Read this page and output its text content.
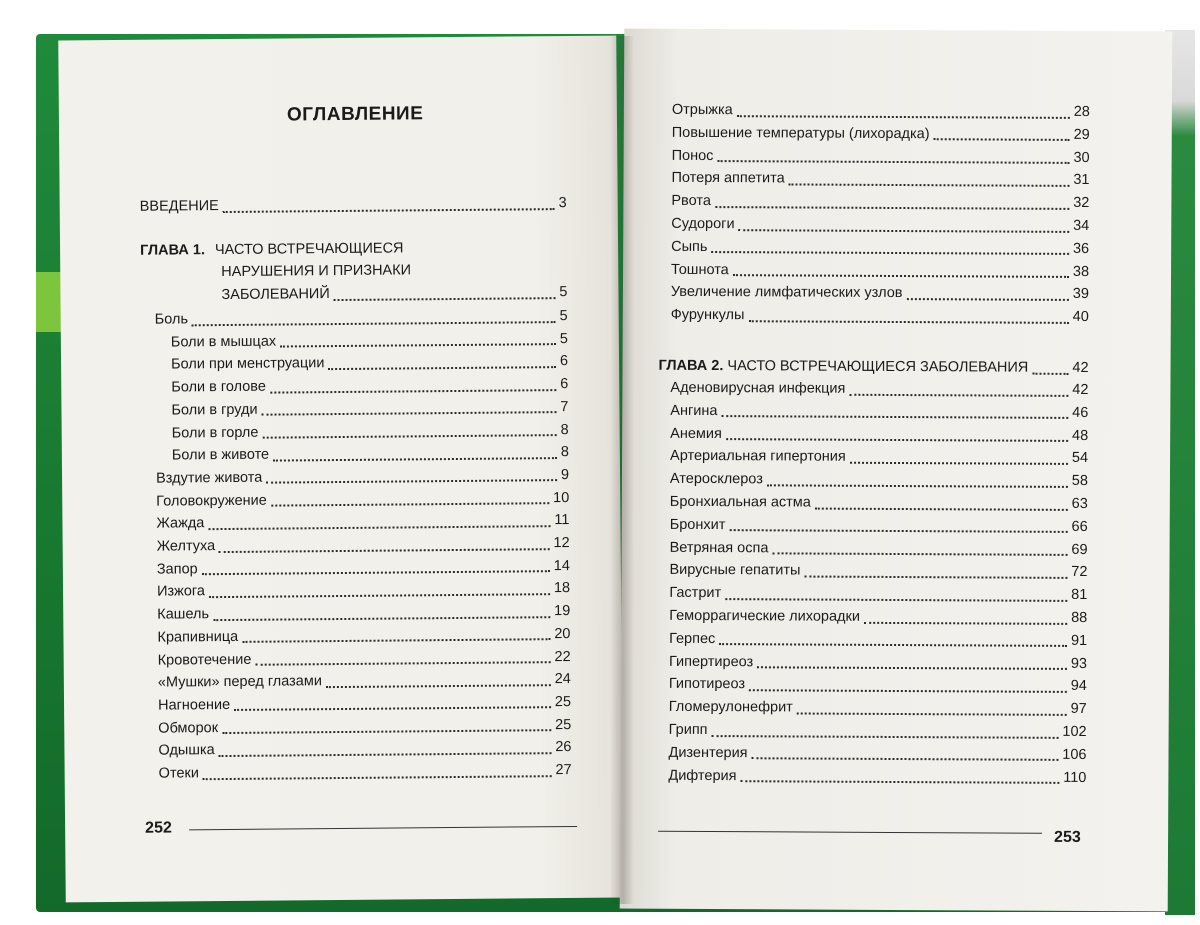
ОГЛАВЛЕНИЕ
ВВЕДЕНИЕ	3
ГЛАВА 1. ЧАСТО ВСТРЕЧАЮЩИЕСЯ
НАРУШЕНИЯ И ПРИЗНАКИ
ЗАБОЛЕВАНИЙ	5
Боль	5
Боли в мышцах	5
Боли при менструации	6
Боли в голове	6
Боли в груди	7
Боли в горле	8
Боли в животе	8
Вздутие живота	9
Головокружение	10
Жажда	11
Желтуха	12
Запор	14
Изжога	18
Кашель	19
Крапивница	20
Кровотечение	22
«Мушки» перед глазами	24
Нагноение	25
Обморок	25
Одышка	26
Отеки	27
252
Отрыжка	28
Повышение температуры (лихорадка)	29
Понос	30
Потеря аппетита	31
Рвота	32
Судороги	34
Сыпь	36
Тошнота	38
Увеличение лимфатических узлов	39
Фурункулы	40
ГЛАВА 2. ЧАСТО ВСТРЕЧАЮЩИЕСЯ ЗАБОЛЕВАНИЯ	42
Аденовирусная инфекция	42
Ангина	46
Анемия	48
Артериальная гипертония	54
Атеросклероз	58
Бронхиальная астма	63
Бронхит	66
Ветряная оспа	69
Вирусные гепатиты	72
Гастрит	81
Геморрагические лихорадки	88
Герпес	91
Гипертиреоз	93
Гипотиреоз	94
Гломерулонефрит	97
Грипп	102
Дизентерия	106
Дифтерия	110
253
